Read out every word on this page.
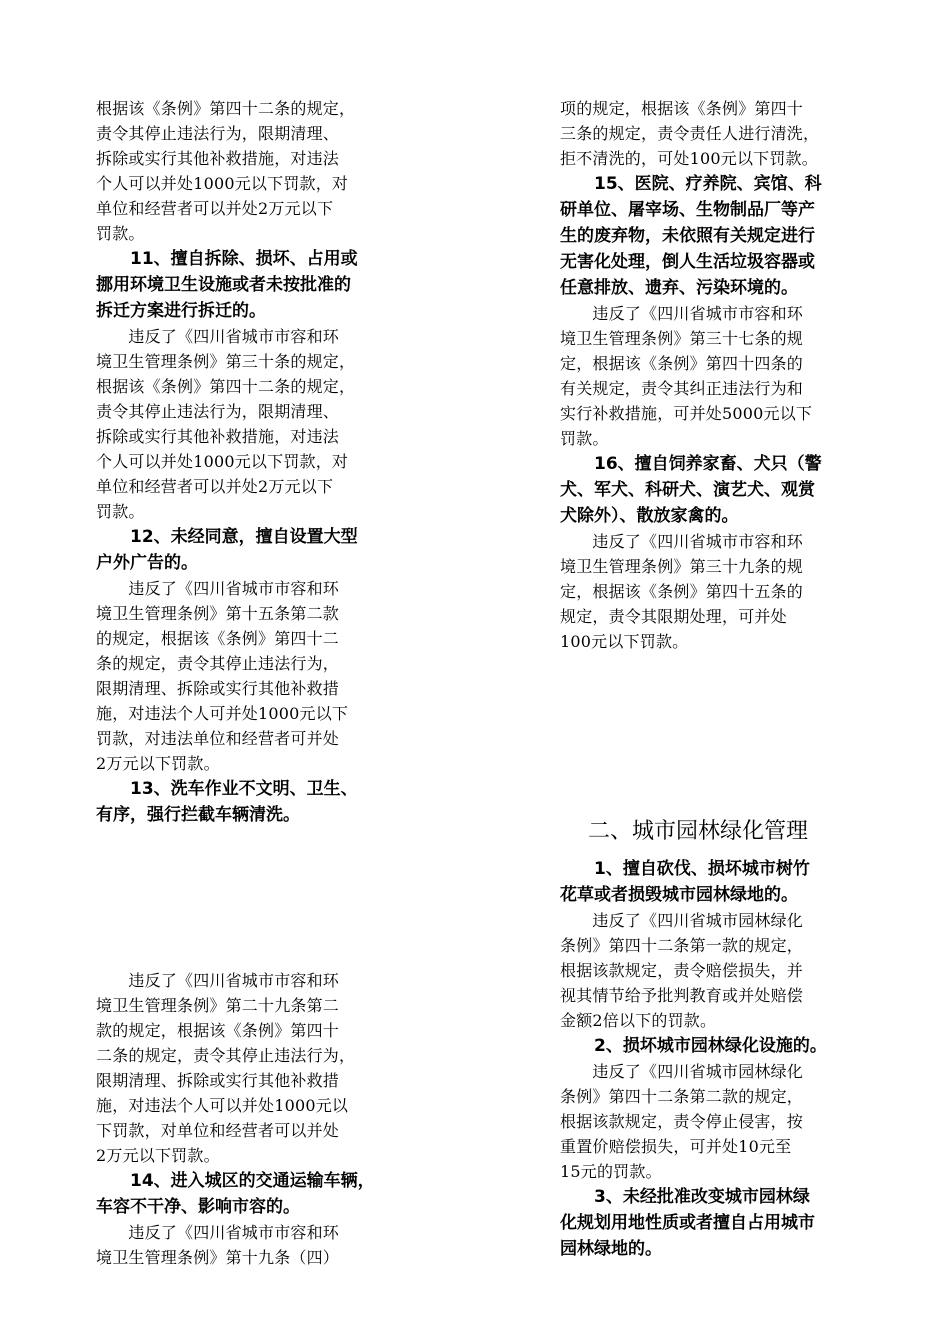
根据该《条例》第四十二条的规定，
责令其停止违法行为，限期清理、
拆除或实行其他补救措施，对违法
个人可以并处1000元以下罚款，对
单位和经营者可以并处2万元以下
罚款。

　　11、擅自拆除、损坏、占用或
挪用环境卫生设施或者未按批准的
拆迁方案进行拆迁的。

　　违反了《四川省城市市容和环
境卫生管理条例》第三十条的规定，
根据该《条例》第四十二条的规定，
责令其停止违法行为，限期清理、
拆除或实行其他补救措施，对违法
个人可以并处1000元以下罚款，对
单位和经营者可以并处2万元以下
罚款。

　　12、未经同意，擅自设置大型
户外广告的。

　　违反了《四川省城市市容和环
境卫生管理条例》第十五条第二款
的规定，根据该《条例》第四十二
条的规定，责令其停止违法行为，
限期清理、拆除或实行其他补救措
施，对违法个人可并处1000元以下
罚款，对违法单位和经营者可并处
2万元以下罚款。

　　13、洗车作业不文明、卫生、
有序，强行拦截车辆清洗。

　　违反了《四川省城市市容和环
境卫生管理条例》第二十九条第二
款的规定，根据该《条例》第四十
二条的规定，责令其停止违法行为，
限期清理、拆除或实行其他补救措
施，对违法个人可以并处1000元以
下罚款，对单位和经营者可以并处
2万元以下罚款。

　　14、进入城区的交通运输车辆，
车容不干净、影响市容的。

　　违反了《四川省城市市容和环
境卫生管理条例》第十九条（四）

项的规定，根据该《条例》第四十
三条的规定，责令责任人进行清洗，
拒不清洗的，可处100元以下罚款。

　　15、医院、疗养院、宾馆、科
研单位、屠宰场、生物制品厂等产
生的废弃物，未依照有关规定进行
无害化处理，倒人生活垃圾容器或
任意排放、遗弃、污染环境的。

　　违反了《四川省城市市容和环
境卫生管理条例》第三十七条的规
定，根据该《条例》第四十四条的
有关规定，责令其纠正违法行为和
实行补救措施，可并处5000元以下
罚款。

　　16、擅自饲养家畜、犬只（警
犬、军犬、科研犬、演艺犬、观赏
犬除外）、散放家禽的。

　　违反了《四川省城市市容和环
境卫生管理条例》第三十九条的规
定，根据该《条例》第四十五条的
规定，责令其限期处理，可并处
100元以下罚款。

二、城市园林绿化管理

　　1、擅自砍伐、损坏城市树竹
花草或者损毁城市园林绿地的。

　　违反了《四川省城市园林绿化
条例》第四十二条第一款的规定，
根据该款规定，责令赔偿损失，并
视其情节给予批判教育或并处赔偿
金额2倍以下的罚款。

　　2、损坏城市园林绿化设施的。

　　违反了《四川省城市园林绿化
条例》第四十二条第二款的规定，
根据该款规定，责令停止侵害，按
重置价赔偿损失，可并处10元至
15元的罚款。

　　3、未经批准改变城市园林绿
化规划用地性质或者擅自占用城市
园林绿地的。
